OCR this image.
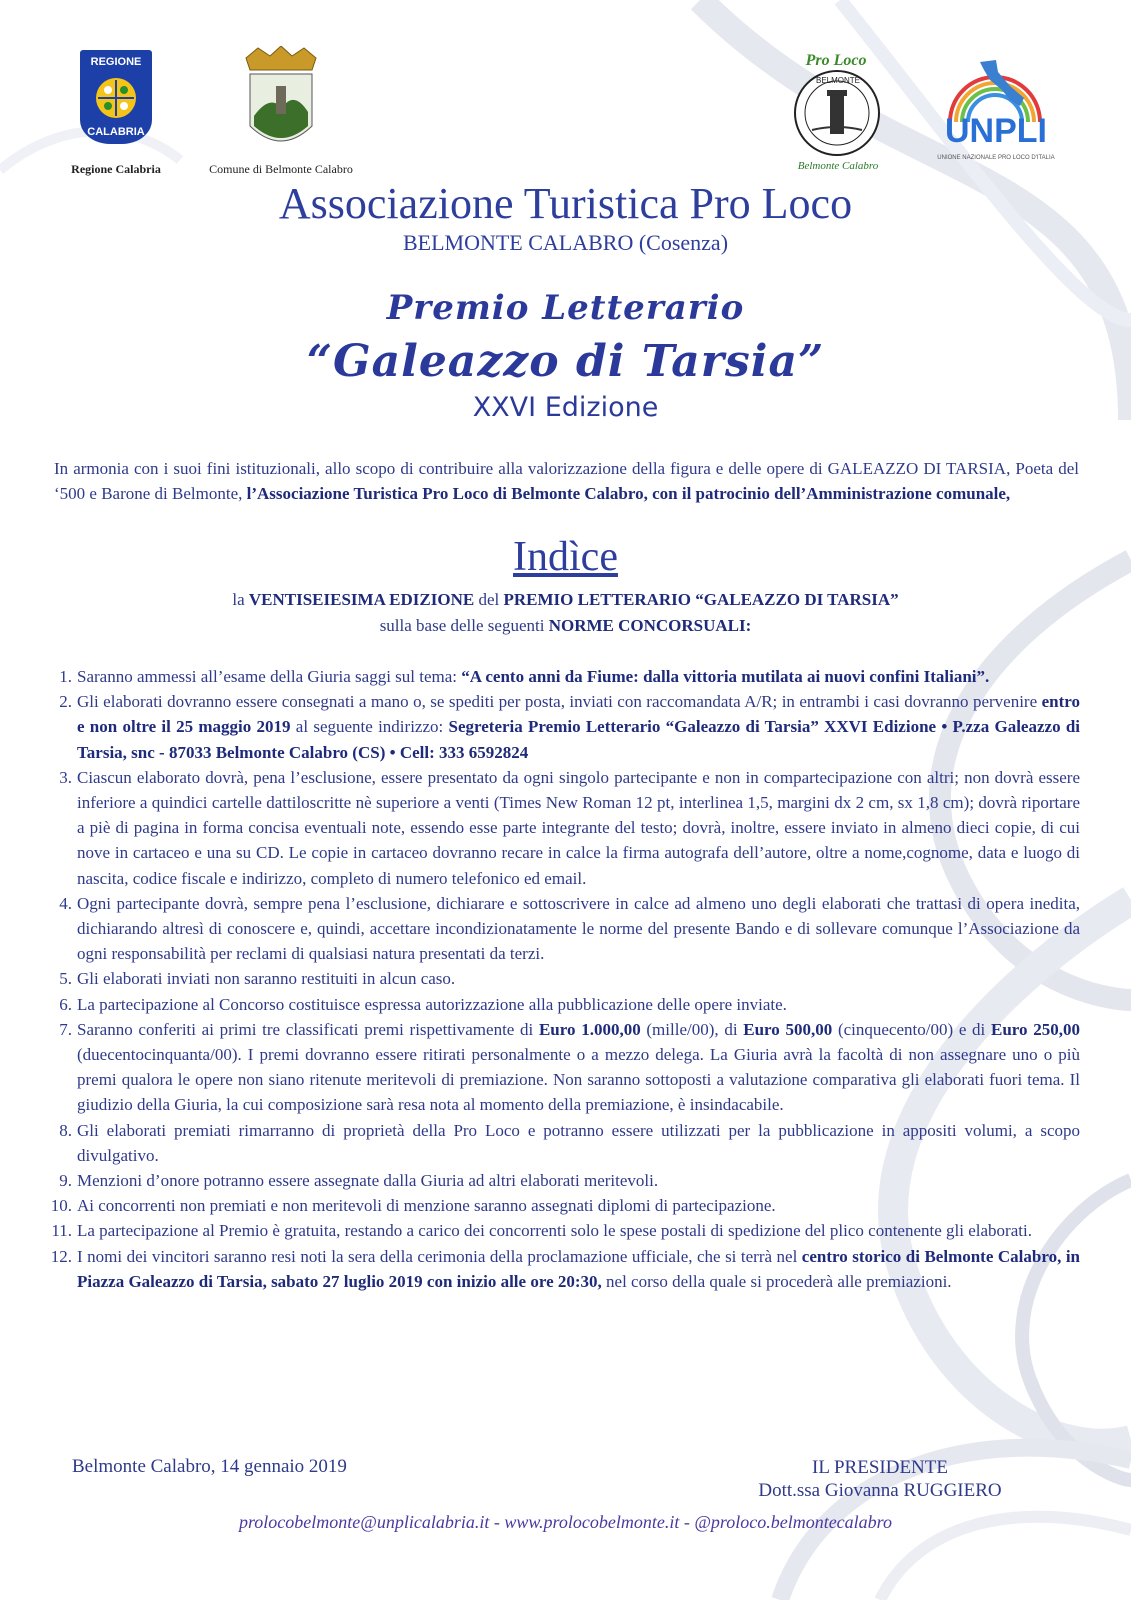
REGIONE
CALABRIA
Regione Calabria	Comune di Belmonte Calabro
Pro Loco
BELMONTE
Belmonte Calabro
UNPLI
UNIONE NAZIONALE PRO LOCO D'ITALIA
Associazione Turistica Pro Loco
BELMONTE CALABRO (Cosenza)
Premio Letterario
“Galeazzo di Tarsia”
XXVI Edizione
In armonia con i suoi fini istituzionali, allo scopo di contribuire alla valorizzazione della figura e delle opere di GALEAZZO DI TARSIA, Poeta del ‘500 e Barone di Belmonte, l’Associazione Turistica Pro Loco di Belmonte Calabro, con il patrocinio dell’Amministrazione comunale,
Indìce
la VENTISEIESIMA EDIZIONE del PREMIO LETTERARIO “GALEAZZO DI TARSIA”
sulla base delle seguenti NORME CONCORSUALI:
1. Saranno ammessi all’esame della Giuria saggi sul tema: “A cento anni da Fiume: dalla vittoria mutilata ai nuovi confini Italiani”.
2. Gli elaborati dovranno essere consegnati a mano o, se spediti per posta, inviati con raccomandata A/R; in entrambi i casi dovranno pervenire entro e non oltre il 25 maggio 2019 al seguente indirizzo: Segreteria Premio Letterario “Galeazzo di Tarsia” XXVI Edizione • P.zza Galeazzo di Tarsia, snc - 87033 Belmonte Calabro (CS) • Cell: 333 6592824
3. Ciascun elaborato dovrà, pena l’esclusione, essere presentato da ogni singolo partecipante e non in compartecipazione con altri; non dovrà essere inferiore a quindici cartelle dattiloscritte nè superiore a venti (Times New Roman 12 pt, interlinea 1,5, margini dx 2 cm, sx 1,8 cm); dovrà riportare a piè di pagina in forma concisa eventuali note, essendo esse parte integrante del testo; dovrà, inoltre, essere inviato in almeno dieci copie, di cui nove in cartaceo e una su CD. Le copie in cartaceo dovranno recare in calce la firma autografa dell’autore, oltre a nome,cognome, data e luogo di nascita, codice fiscale e indirizzo, completo di numero telefonico ed email.
4. Ogni partecipante dovrà, sempre pena l’esclusione, dichiarare e sottoscrivere in calce ad almeno uno degli elaborati che trattasi di opera inedita, dichiarando altresì di conoscere e, quindi, accettare incondizionatamente le norme del presente Bando e di sollevare comunque l’Associazione da ogni responsabilità per reclami di qualsiasi natura presentati da terzi.
5. Gli elaborati inviati non saranno restituiti in alcun caso.
6. La partecipazione al Concorso costituisce espressa autorizzazione alla pubblicazione delle opere inviate.
7. Saranno conferiti ai primi tre classificati premi rispettivamente di Euro 1.000,00 (mille/00), di Euro 500,00 (cinquecento/00) e di Euro 250,00 (duecentocinquanta/00). I premi dovranno essere ritirati personalmente o a mezzo delega. La Giuria avrà la facoltà di non assegnare uno o più premi qualora le opere non siano ritenute meritevoli di premiazione. Non saranno sottoposti a valutazione comparativa gli elaborati fuori tema. Il giudizio della Giuria, la cui composizione sarà resa nota al momento della premiazione, è insindacabile.
8. Gli elaborati premiati rimarranno di proprietà della Pro Loco e potranno essere utilizzati per la pubblicazione in appositi volumi, a scopo divulgativo.
9. Menzioni d’onore potranno essere assegnate dalla Giuria ad altri elaborati meritevoli.
10. Ai concorrenti non premiati e non meritevoli di menzione saranno assegnati diplomi di partecipazione.
11. La partecipazione al Premio è gratuita, restando a carico dei concorrenti solo le spese postali di spedizione del plico contenente gli elaborati.
12. I nomi dei vincitori saranno resi noti la sera della cerimonia della proclamazione ufficiale, che si terrà nel centro storico di Belmonte Calabro, in Piazza Galeazzo di Tarsia, sabato 27 luglio 2019 con inizio alle ore 20:30, nel corso della quale si procederà alle premiazioni.
Belmonte Calabro, 14 gennaio 2019	IL PRESIDENTE
Dott.ssa Giovanna RUGGIERO
prolocobelmonte@unplicalabria.it - www.prolocobelmonte.it - @proloco.belmontecalabro
